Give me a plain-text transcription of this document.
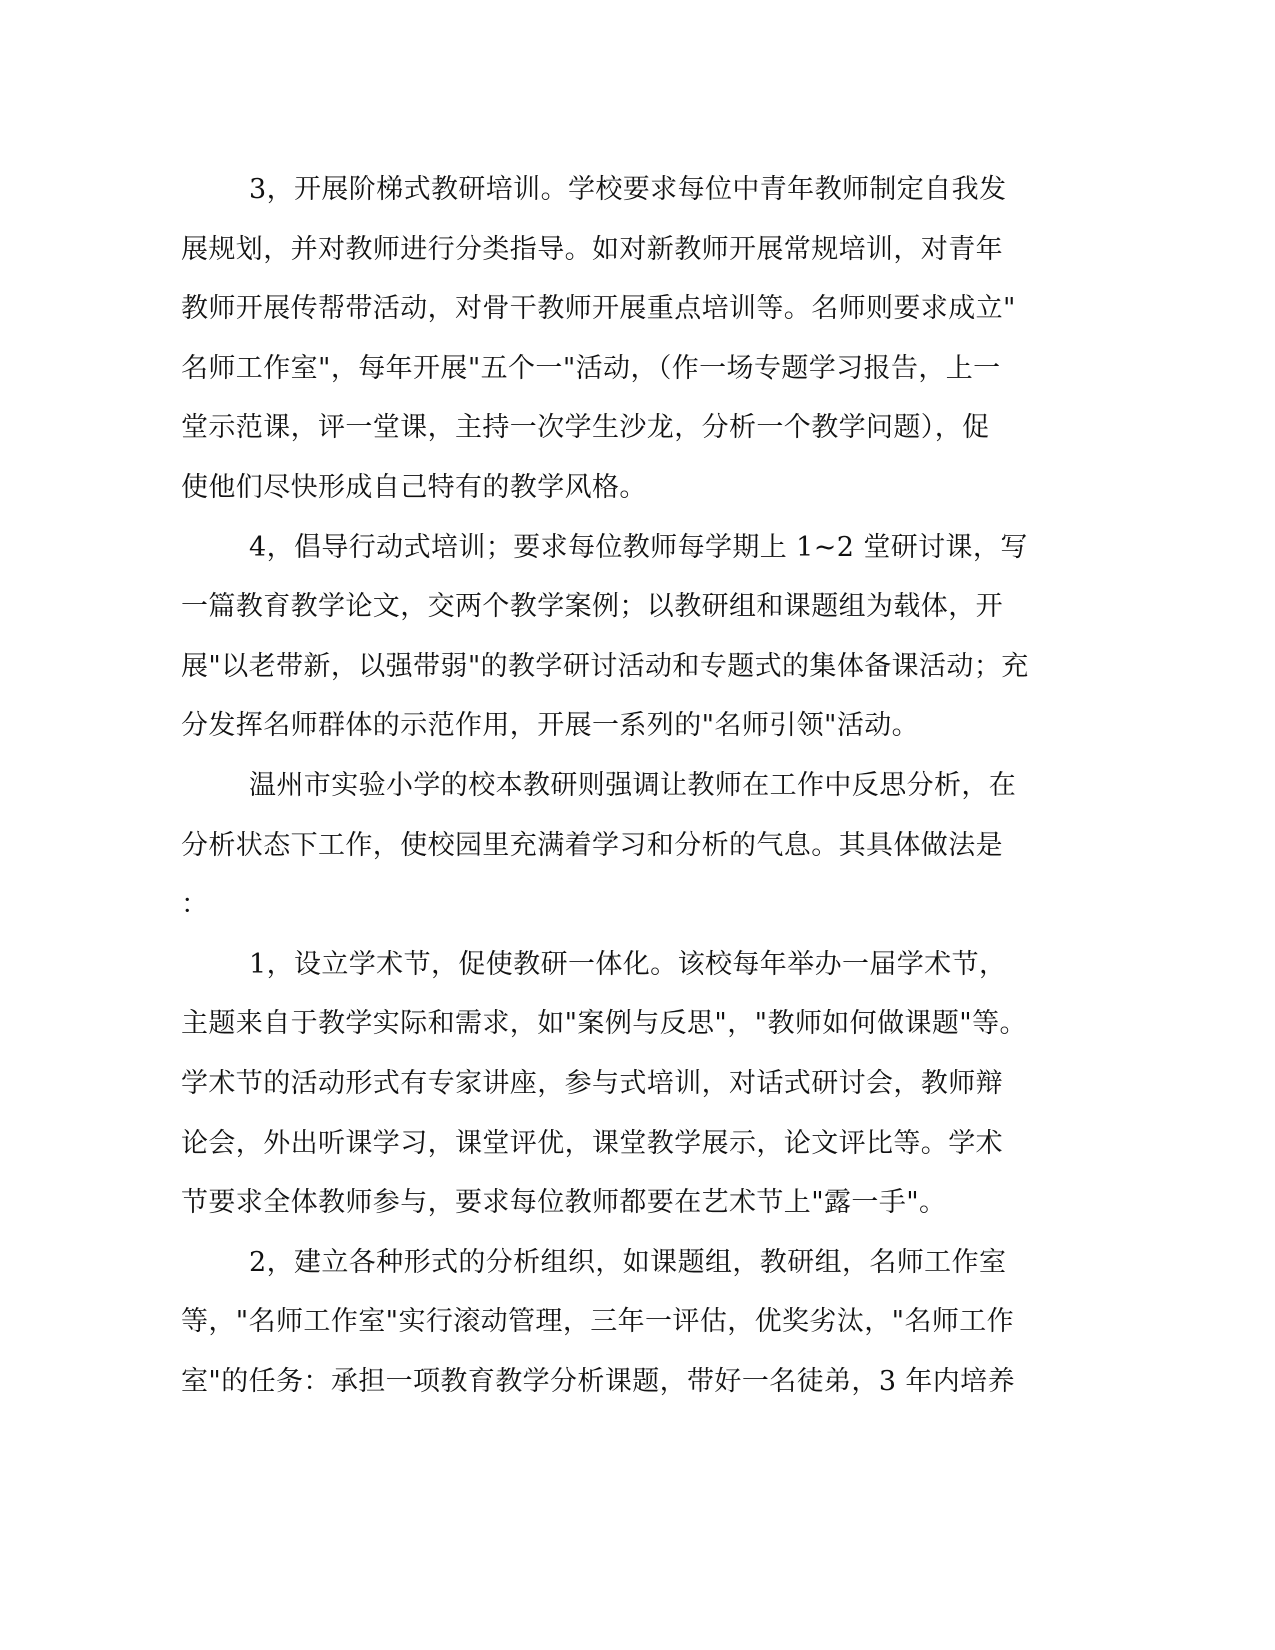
3，开展阶梯式教研培训。学校要求每位中青年教师制定自我发
展规划，并对教师进行分类指导。如对新教师开展常规培训，对青年
教师开展传帮带活动，对骨干教师开展重点培训等。名师则要求成立"
名师工作室"，每年开展"五个一"活动，（作一场专题学习报告，上一
堂示范课，评一堂课，主持一次学生沙龙，分析一个教学问题），促
使他们尽快形成自己特有的教学风格。
4，倡导行动式培训；要求每位教师每学期上 1~2 堂研讨课，写
一篇教育教学论文，交两个教学案例；以教研组和课题组为载体，开
展"以老带新，以强带弱"的教学研讨活动和专题式的集体备课活动；充
分发挥名师群体的示范作用，开展一系列的"名师引领"活动。
温州市实验小学的校本教研则强调让教师在工作中反思分析，在
分析状态下工作，使校园里充满着学习和分析的气息。其具体做法是
：
1，设立学术节，促使教研一体化。该校每年举办一届学术节，
主题来自于教学实际和需求，如"案例与反思"，"教师如何做课题"等。
学术节的活动形式有专家讲座，参与式培训，对话式研讨会，教师辩
论会，外出听课学习，课堂评优，课堂教学展示，论文评比等。学术
节要求全体教师参与，要求每位教师都要在艺术节上"露一手"。
2，建立各种形式的分析组织，如课题组，教研组，名师工作室
等，"名师工作室"实行滚动管理，三年一评估，优奖劣汰，"名师工作
室"的任务：承担一项教育教学分析课题，带好一名徒弟，3 年内培养
